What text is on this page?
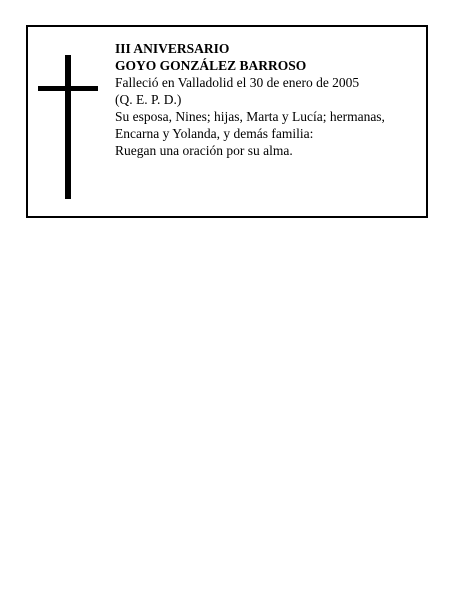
III ANIVERSARIO
GOYO GONZÁLEZ BARROSO
Falleció en Valladolid el 30 de enero de 2005
(Q. E. P. D.)
Su esposa, Nines; hijas, Marta y Lucía; hermanas,
Encarna y Yolanda, y demás familia:
Ruegan una oración por su alma.
